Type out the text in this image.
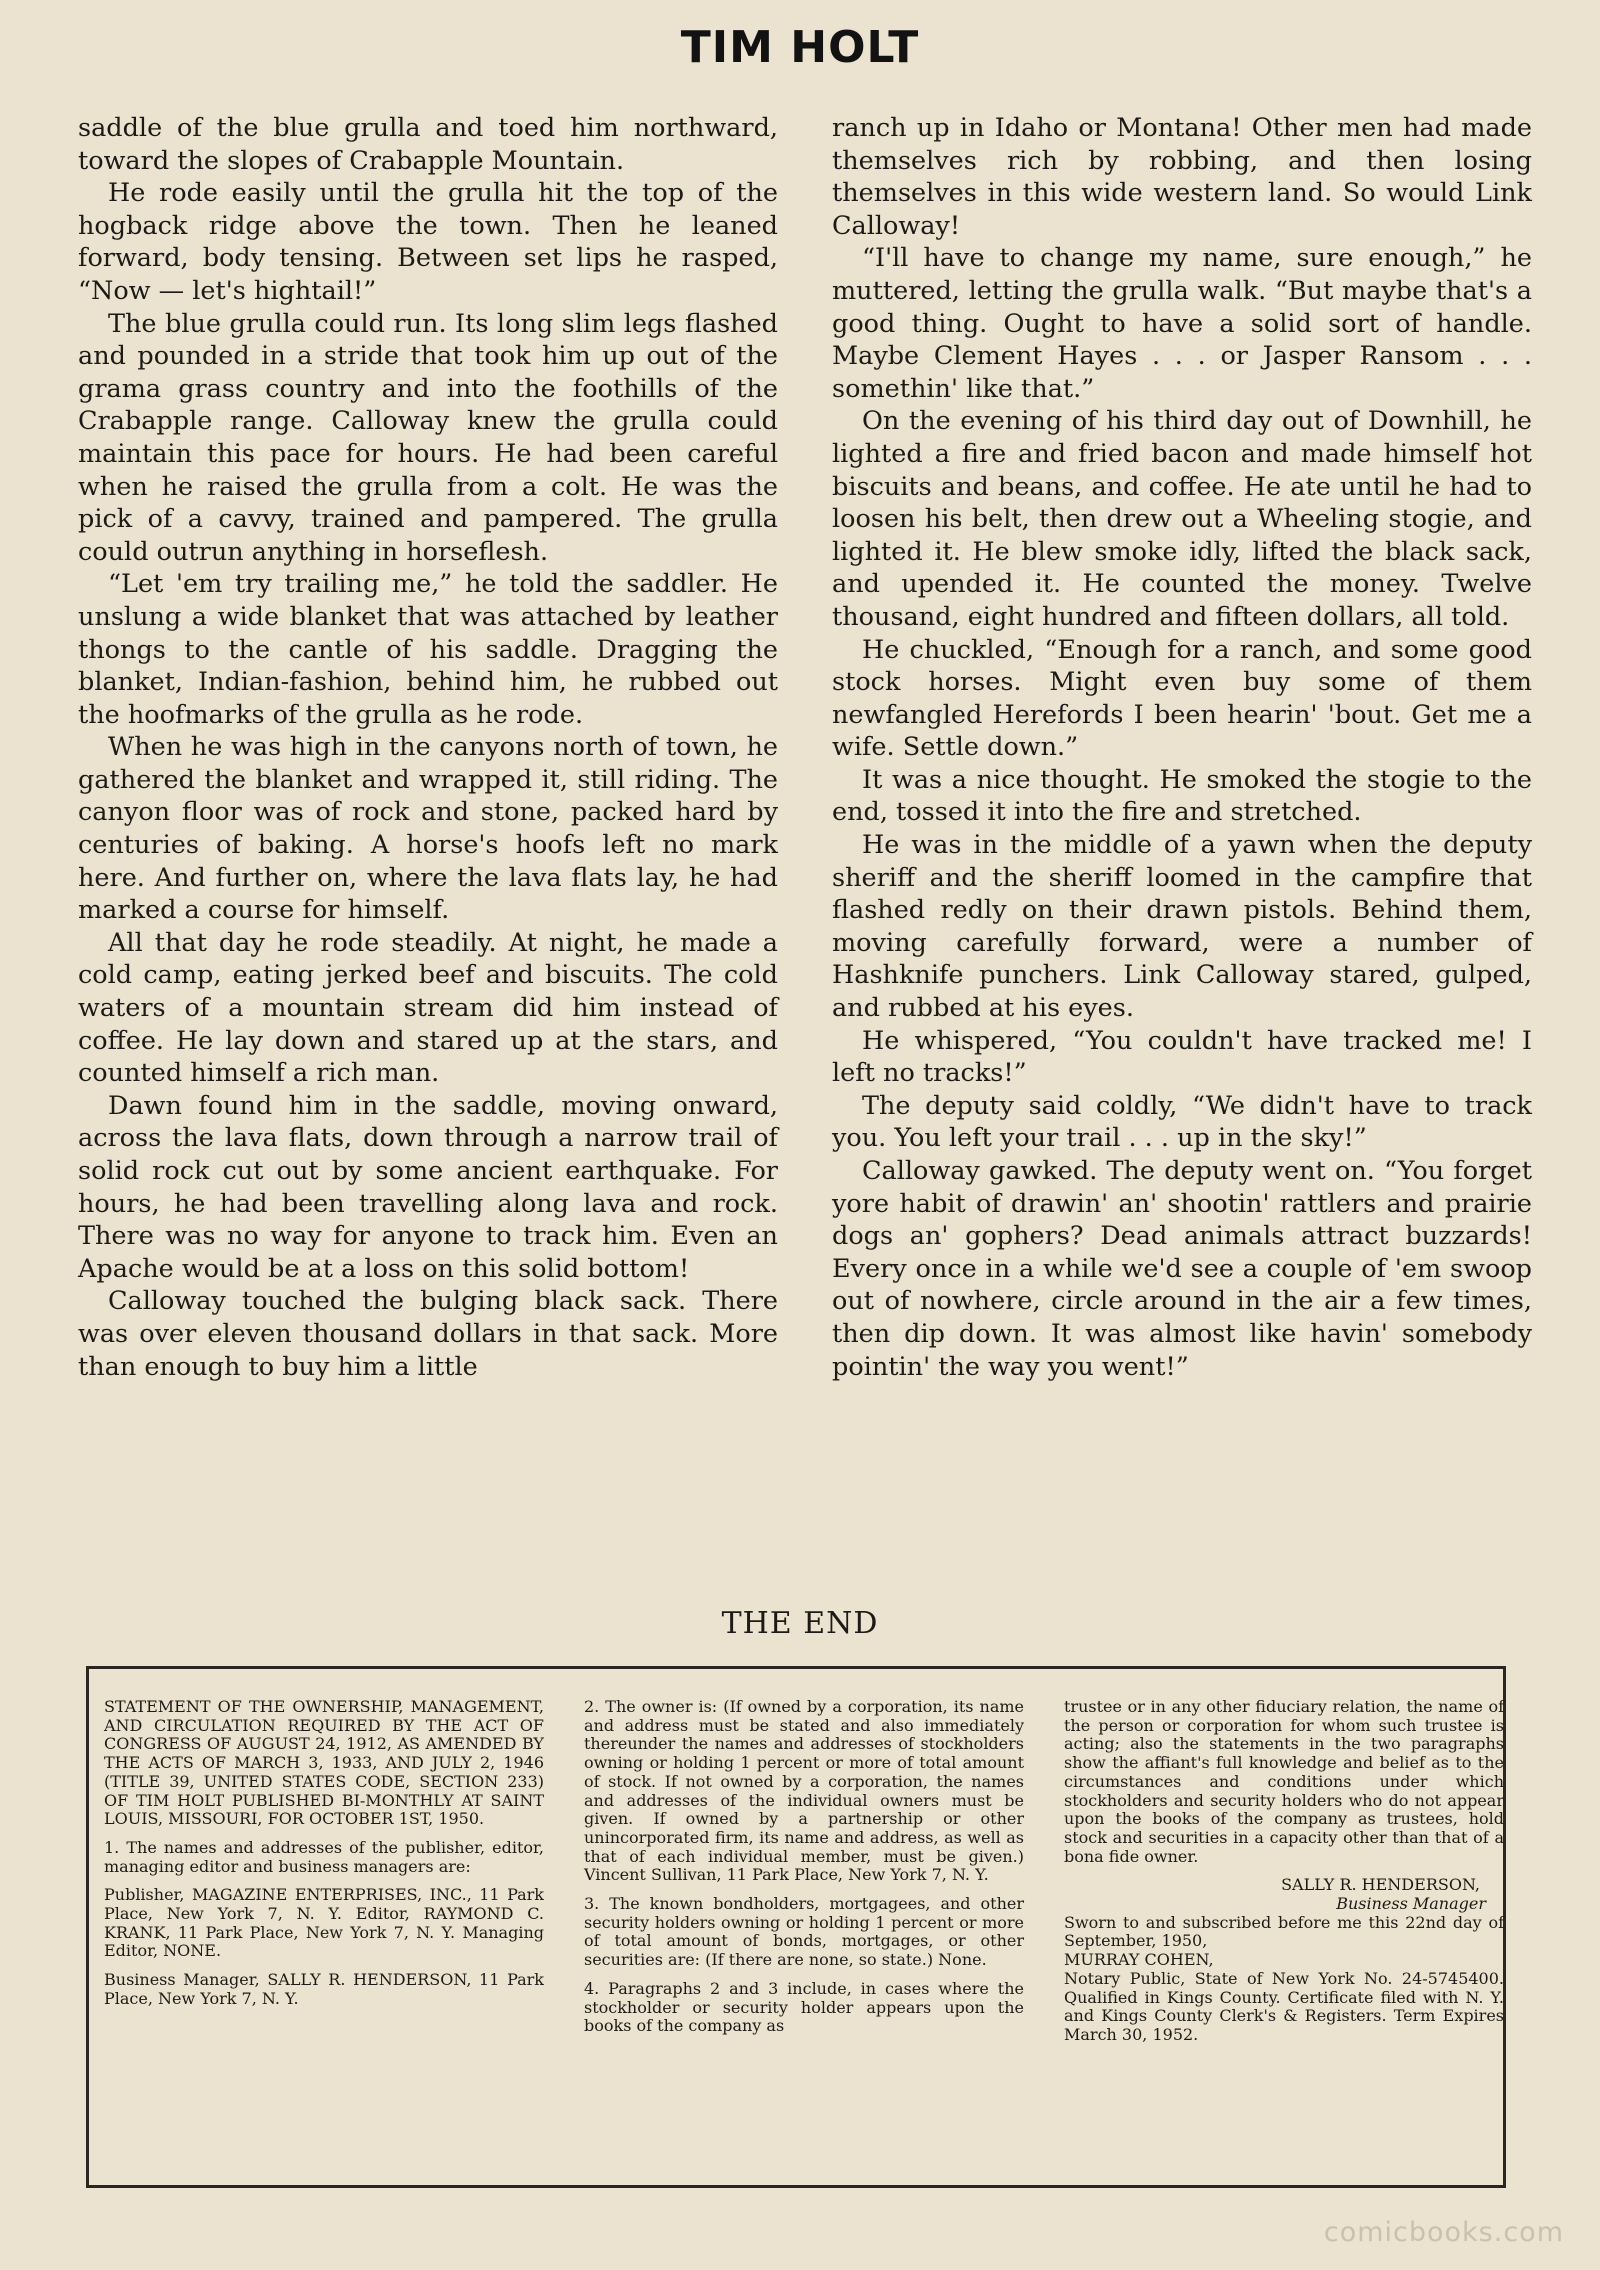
TIM HOLT

saddle of the blue grulla and toed him northward, toward the slopes of Crabapple Mountain.

He rode easily until the grulla hit the top of the hogback ridge above the town. Then he leaned forward, body tensing. Between set lips he rasped, “Now — let's hightail!”

The blue grulla could run. Its long slim legs flashed and pounded in a stride that took him up out of the grama grass country and into the foothills of the Crabapple range. Calloway knew the grulla could maintain this pace for hours. He had been careful when he raised the grulla from a colt. He was the pick of a cavvy, trained and pampered. The grulla could outrun anything in horseflesh.

“Let 'em try trailing me,” he told the saddler. He unslung a wide blanket that was attached by leather thongs to the cantle of his saddle. Dragging the blanket, Indian-fashion, behind him, he rubbed out the hoofmarks of the grulla as he rode.

When he was high in the canyons north of town, he gathered the blanket and wrapped it, still riding. The canyon floor was of rock and stone, packed hard by centuries of baking. A horse's hoofs left no mark here. And further on, where the lava flats lay, he had marked a course for himself.

All that day he rode steadily. At night, he made a cold camp, eating jerked beef and biscuits. The cold waters of a mountain stream did him instead of coffee. He lay down and stared up at the stars, and counted himself a rich man.

Dawn found him in the saddle, moving onward, across the lava flats, down through a narrow trail of solid rock cut out by some ancient earthquake. For hours, he had been travelling along lava and rock. There was no way for anyone to track him. Even an Apache would be at a loss on this solid bottom!

Calloway touched the bulging black sack. There was over eleven thousand dollars in that sack. More than enough to buy him a little

ranch up in Idaho or Montana! Other men had made themselves rich by robbing, and then losing themselves in this wide western land. So would Link Calloway!

“I'll have to change my name, sure enough,” he muttered, letting the grulla walk. “But maybe that's a good thing. Ought to have a solid sort of handle. Maybe Clement Hayes . . . or Jasper Ransom . . . somethin' like that.”

On the evening of his third day out of Downhill, he lighted a fire and fried bacon and made himself hot biscuits and beans, and coffee. He ate until he had to loosen his belt, then drew out a Wheeling stogie, and lighted it. He blew smoke idly, lifted the black sack, and upended it. He counted the money. Twelve thousand, eight hundred and fifteen dollars, all told.

He chuckled, “Enough for a ranch, and some good stock horses. Might even buy some of them newfangled Herefords I been hearin' 'bout. Get me a wife. Settle down.”

It was a nice thought. He smoked the stogie to the end, tossed it into the fire and stretched.

He was in the middle of a yawn when the deputy sheriff and the sheriff loomed in the campfire that flashed redly on their drawn pistols. Behind them, moving carefully forward, were a number of Hashknife punchers. Link Calloway stared, gulped, and rubbed at his eyes.

He whispered, “You couldn't have tracked me! I left no tracks!”

The deputy said coldly, “We didn't have to track you. You left your trail . . . up in the sky!”

Calloway gawked. The deputy went on. “You forget yore habit of drawin' an' shootin' rattlers and prairie dogs an' gophers? Dead animals attract buzzards! Every once in a while we'd see a couple of 'em swoop out of nowhere, circle around in the air a few times, then dip down. It was almost like havin' somebody pointin' the way you went!”

THE END

STATEMENT OF THE OWNERSHIP, MANAGEMENT, AND CIRCULATION REQUIRED BY THE ACT OF CONGRESS OF AUGUST 24, 1912, AS AMENDED BY THE ACTS OF MARCH 3, 1933, AND JULY 2, 1946 (TITLE 39, UNITED STATES CODE, SECTION 233) OF TIM HOLT PUBLISHED BI-MONTHLY AT SAINT LOUIS, MISSOURI, FOR OCTOBER 1ST, 1950.

1. The names and addresses of the publisher, editor, managing editor and business managers are:

Publisher, MAGAZINE ENTERPRISES, INC., 11 Park Place, New York 7, N. Y. Editor, RAYMOND C. KRANK, 11 Park Place, New York 7, N. Y. Managing Editor, NONE.

Business Manager, SALLY R. HENDERSON, 11 Park Place, New York 7, N. Y.

2. The owner is: (If owned by a corporation, its name and address must be stated and also immediately thereunder the names and addresses of stockholders owning or holding 1 percent or more of total amount of stock. If not owned by a corporation, the names and addresses of the individual owners must be given. If owned by a partnership or other unincorporated firm, its name and address, as well as that of each individual member, must be given.) Vincent Sullivan, 11 Park Place, New York 7, N. Y.

3. The known bondholders, mortgagees, and other security holders owning or holding 1 percent or more of total amount of bonds, mortgages, or other securities are: (If there are none, so state.) None.

4. Paragraphs 2 and 3 include, in cases where the stockholder or security holder appears upon the books of the company as

trustee or in any other fiduciary relation, the name of the person or corporation for whom such trustee is acting; also the statements in the two paragraphs show the affiant's full knowledge and belief as to the circumstances and conditions under which stockholders and security holders who do not appear upon the books of the company as trustees, hold stock and securities in a capacity other than that of a bona fide owner.

SALLY R. HENDERSON,

Business Manager

Sworn to and subscribed before me this 22nd day of September, 1950,

MURRAY COHEN,

Notary Public, State of New York No. 24-5745400. Qualified in Kings County. Certificate filed with N. Y. and Kings County Clerk's & Registers. Term Expires March 30, 1952.

comicbooks.com
